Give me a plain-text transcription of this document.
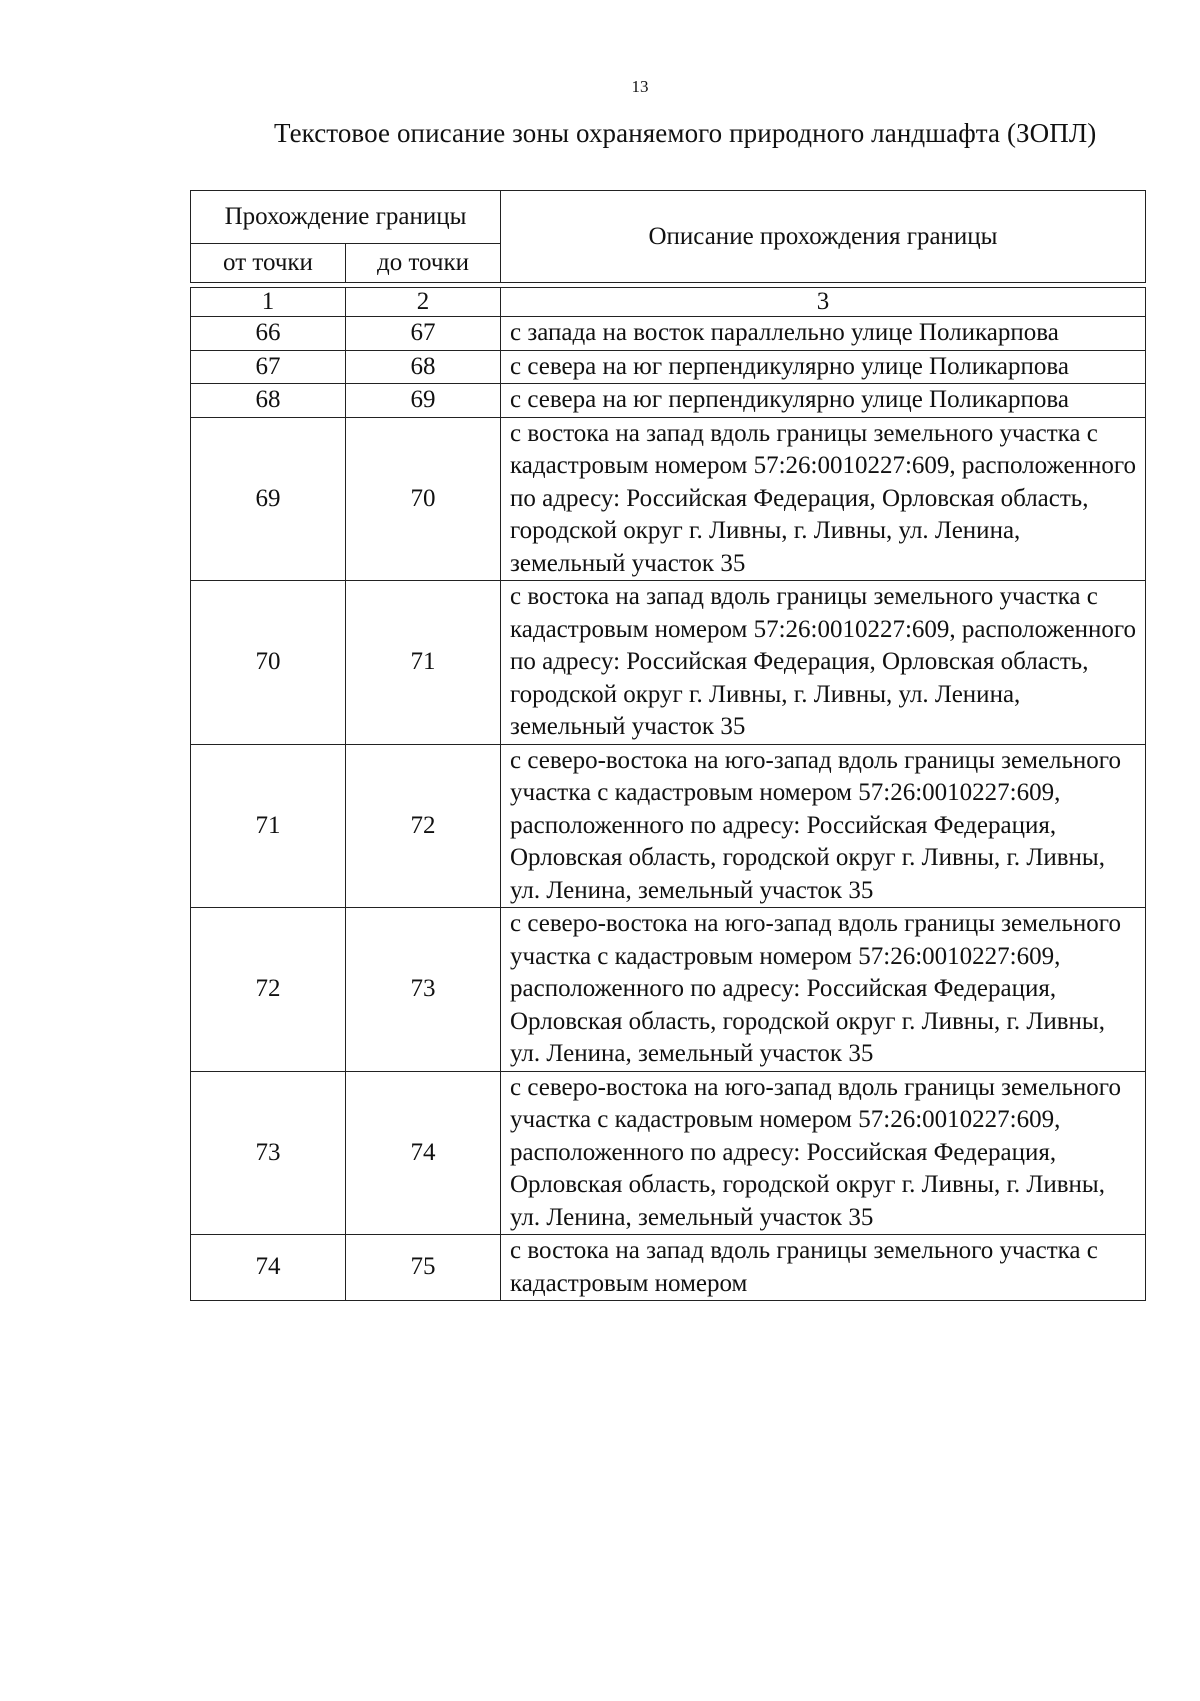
13
Текстовое описание зоны охраняемого природного ландшафта (ЗОПЛ)
Прохождение границы		Описание прохождения границы
от точки	до точки	
1	2	3
66	67	с запада на восток параллельно улице Поликарпова
67	68	с севера на юг перпендикулярно улице Поликарпова
68	69	с севера на юг перпендикулярно улице Поликарпова
69	70	с востока на запад вдоль границы земельного участка с кадастровым номером 57:26:0010227:609, расположенного по адресу: Российская Федерация, Орловская область, городской округ г. Ливны, г. Ливны, ул. Ленина, земельный участок 35
70	71	с востока на запад вдоль границы земельного участка с кадастровым номером 57:26:0010227:609, расположенного по адресу: Российская Федерация, Орловская область, городской округ г. Ливны, г. Ливны, ул. Ленина, земельный участок 35
71	72	с северо-востока на юго-запад вдоль границы земельного участка с кадастровым номером 57:26:0010227:609, расположенного по адресу: Российская Федерация, Орловская область, городской округ г. Ливны, г. Ливны, ул. Ленина, земельный участок 35
72	73	с северо-востока на юго-запад вдоль границы земельного участка с кадастровым номером 57:26:0010227:609, расположенного по адресу: Российская Федерация, Орловская область, городской округ г. Ливны, г. Ливны, ул. Ленина, земельный участок 35
73	74	с северо-востока на юго-запад вдоль границы земельного участка с кадастровым номером 57:26:0010227:609, расположенного по адресу: Российская Федерация, Орловская область, городской округ г. Ливны, г. Ливны, ул. Ленина, земельный участок 35
74	75	с востока на запад вдоль границы земельного участка с кадастровым номером
